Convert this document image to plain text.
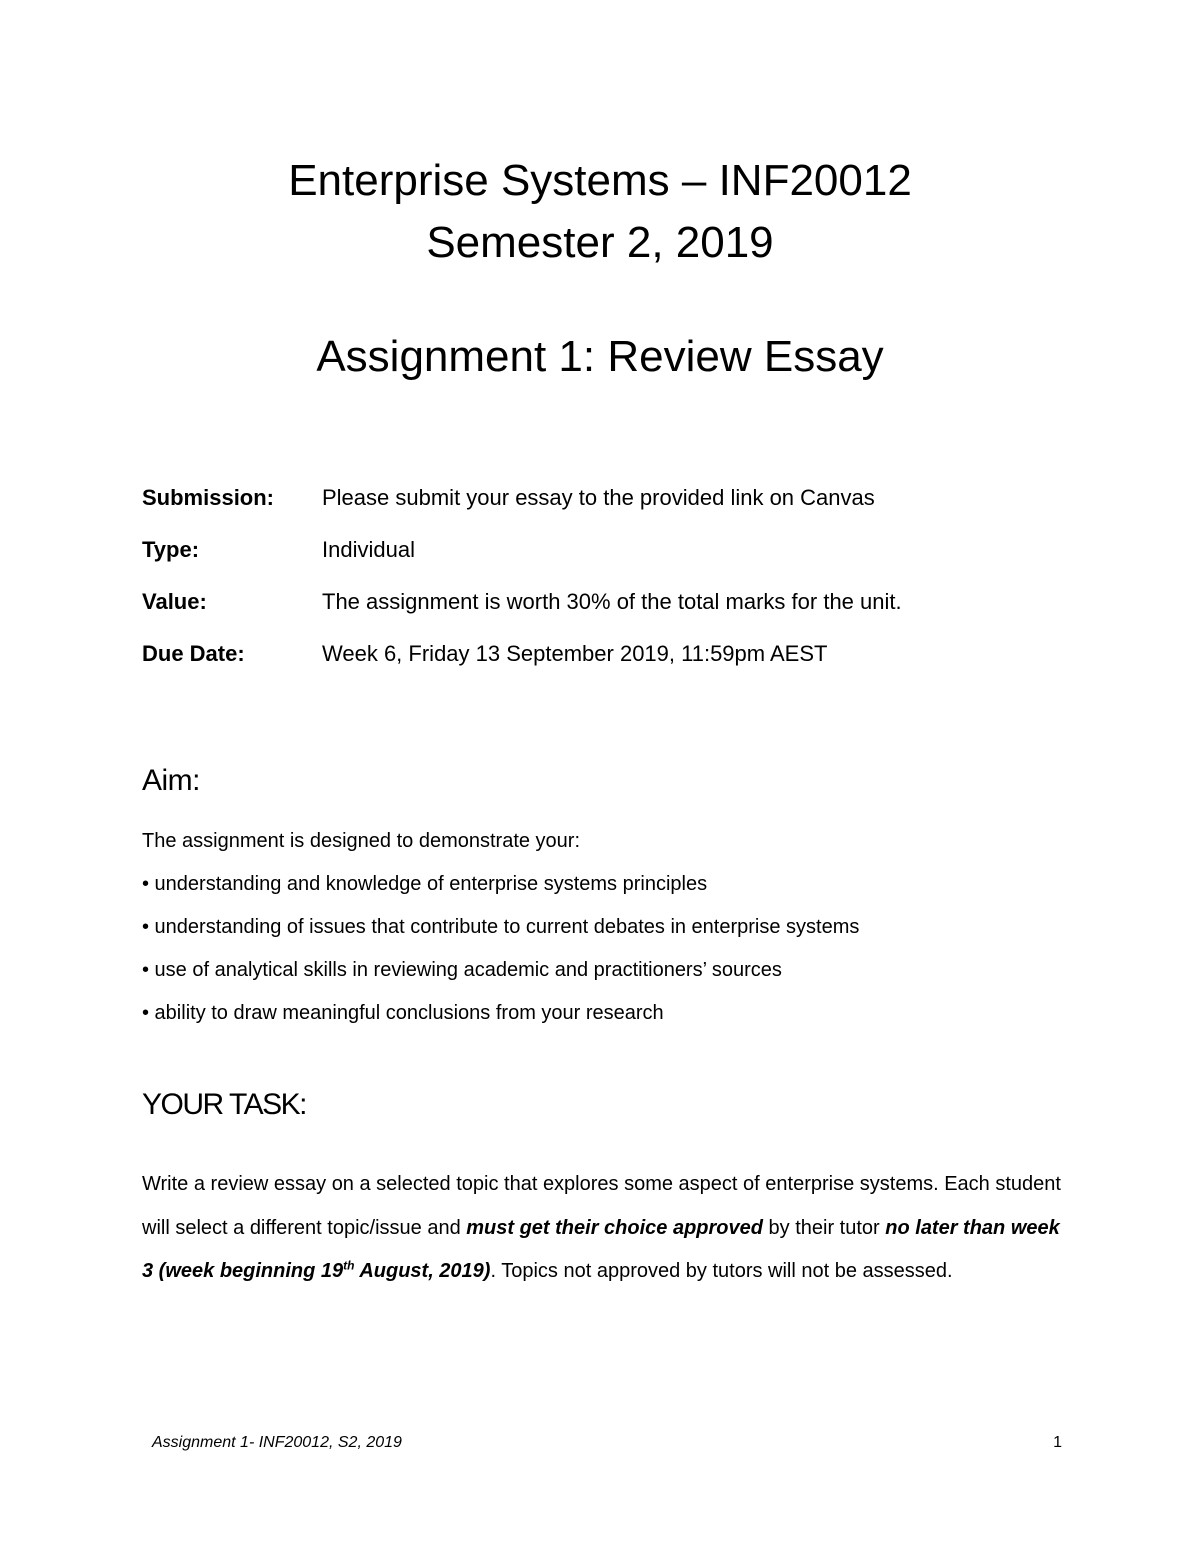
Enterprise Systems – INF20012

Semester 2, 2019

Assignment 1: Review Essay

Submission:	Please submit your essay to the provided link on Canvas
Type:	Individual
Value:	The assignment is worth 30% of the total marks for the unit.
Due Date:	Week 6, Friday 13 September 2019, 11:59pm AEST
Aim:

The assignment is designed to demonstrate your:

• understanding and knowledge of enterprise systems principles

• understanding of issues that contribute to current debates in enterprise systems

• use of analytical skills in reviewing academic and practitioners’ sources

• ability to draw meaningful conclusions from your research

YOUR TASK:

Write a review essay on a selected topic that explores some aspect of enterprise systems. Each student will select a different topic/issue and must get their choice approved by their tutor no later than week 3 (week beginning 19th August, 2019). Topics not approved by tutors will not be assessed.

Assignment 1- INF20012, S2, 2019	1
